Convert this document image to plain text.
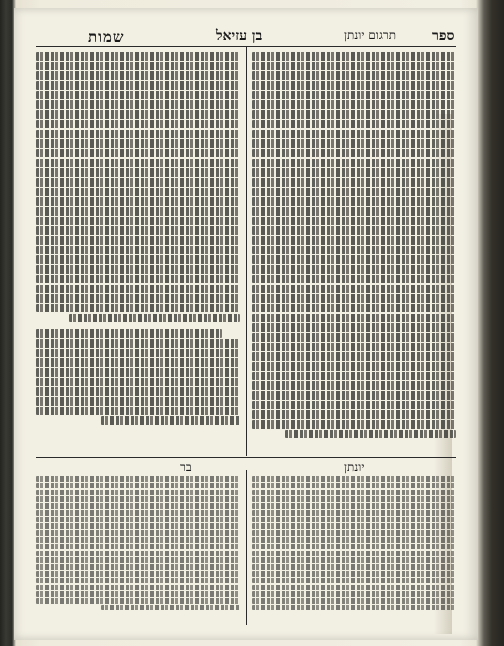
שמות	בן עזיאל	תרגום יונתן	ספר
בר	יונתן
